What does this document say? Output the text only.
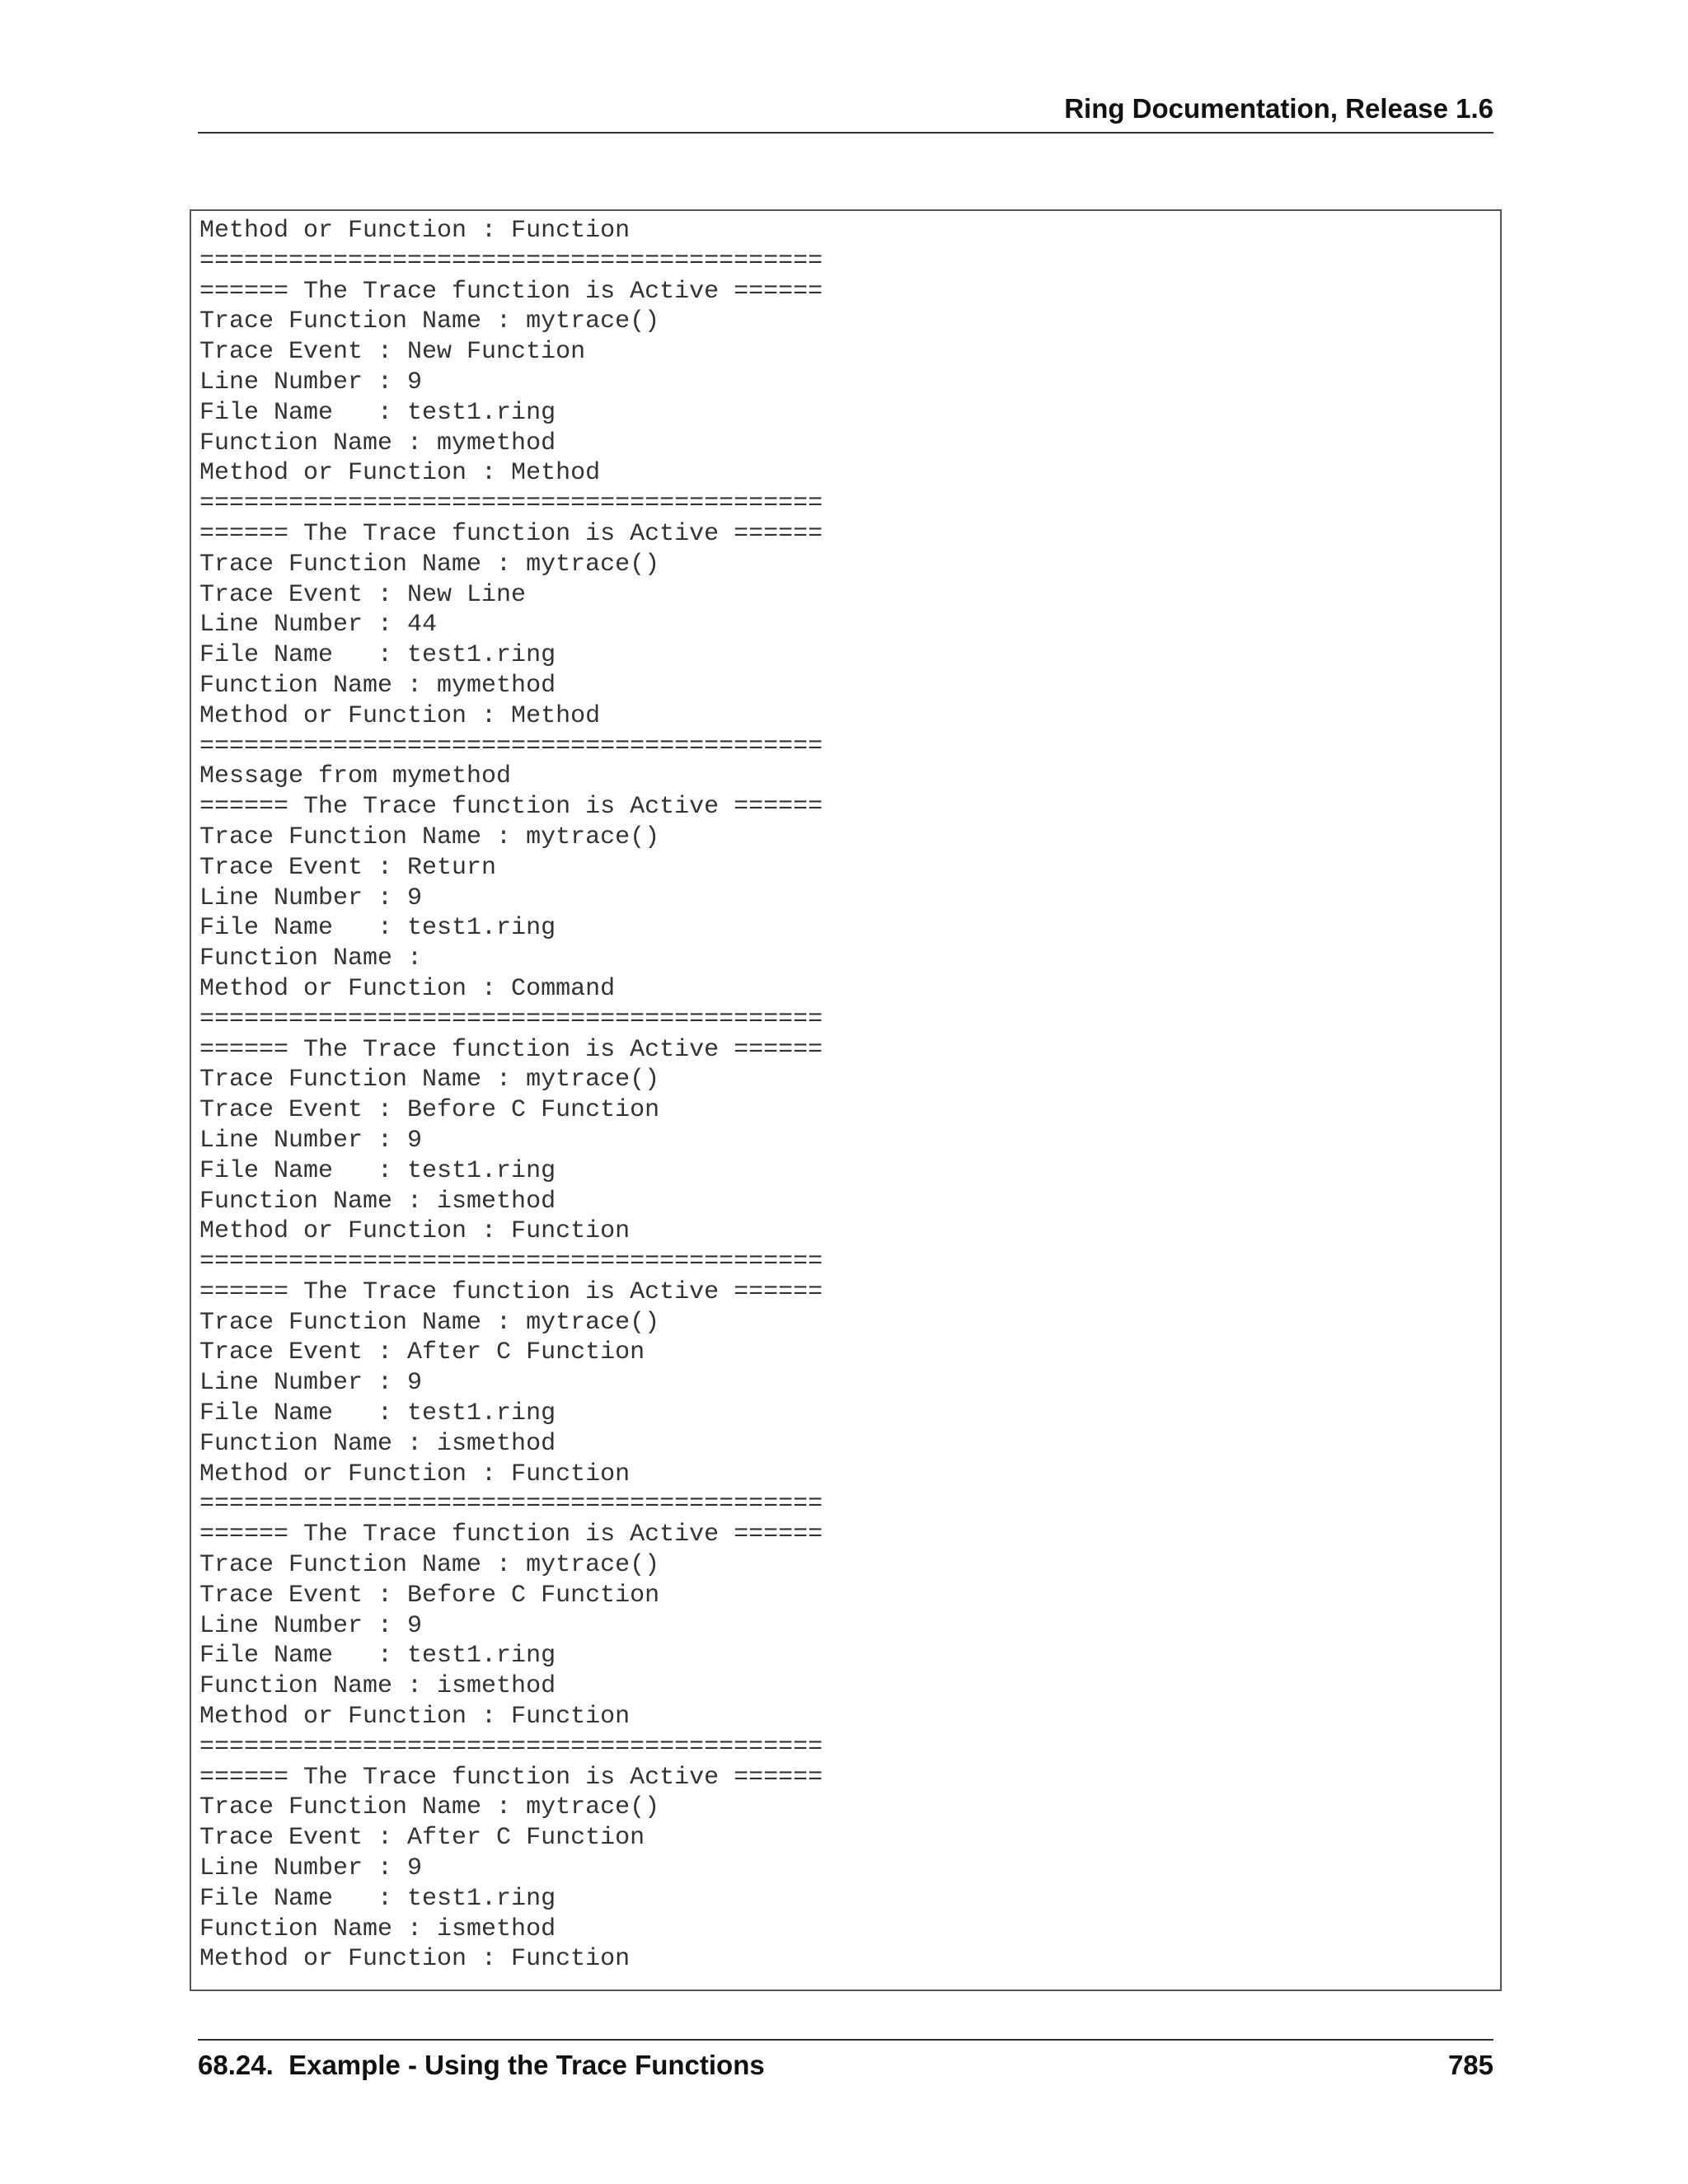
Ring Documentation, Release 1.6
Method or Function : Function
==========================================
====== The Trace function is Active ======
Trace Function Name : mytrace()
Trace Event : New Function
Line Number : 9
File Name   : test1.ring
Function Name : mymethod
Method or Function : Method
==========================================
====== The Trace function is Active ======
Trace Function Name : mytrace()
Trace Event : New Line
Line Number : 44
File Name   : test1.ring
Function Name : mymethod
Method or Function : Method
==========================================
Message from mymethod
====== The Trace function is Active ======
Trace Function Name : mytrace()
Trace Event : Return
Line Number : 9
File Name   : test1.ring
Function Name :
Method or Function : Command
==========================================
====== The Trace function is Active ======
Trace Function Name : mytrace()
Trace Event : Before C Function
Line Number : 9
File Name   : test1.ring
Function Name : ismethod
Method or Function : Function
==========================================
====== The Trace function is Active ======
Trace Function Name : mytrace()
Trace Event : After C Function
Line Number : 9
File Name   : test1.ring
Function Name : ismethod
Method or Function : Function
==========================================
====== The Trace function is Active ======
Trace Function Name : mytrace()
Trace Event : Before C Function
Line Number : 9
File Name   : test1.ring
Function Name : ismethod
Method or Function : Function
==========================================
====== The Trace function is Active ======
Trace Function Name : mytrace()
Trace Event : After C Function
Line Number : 9
File Name   : test1.ring
Function Name : ismethod
Method or Function : Function
68.24.  Example - Using the Trace Functions	785
